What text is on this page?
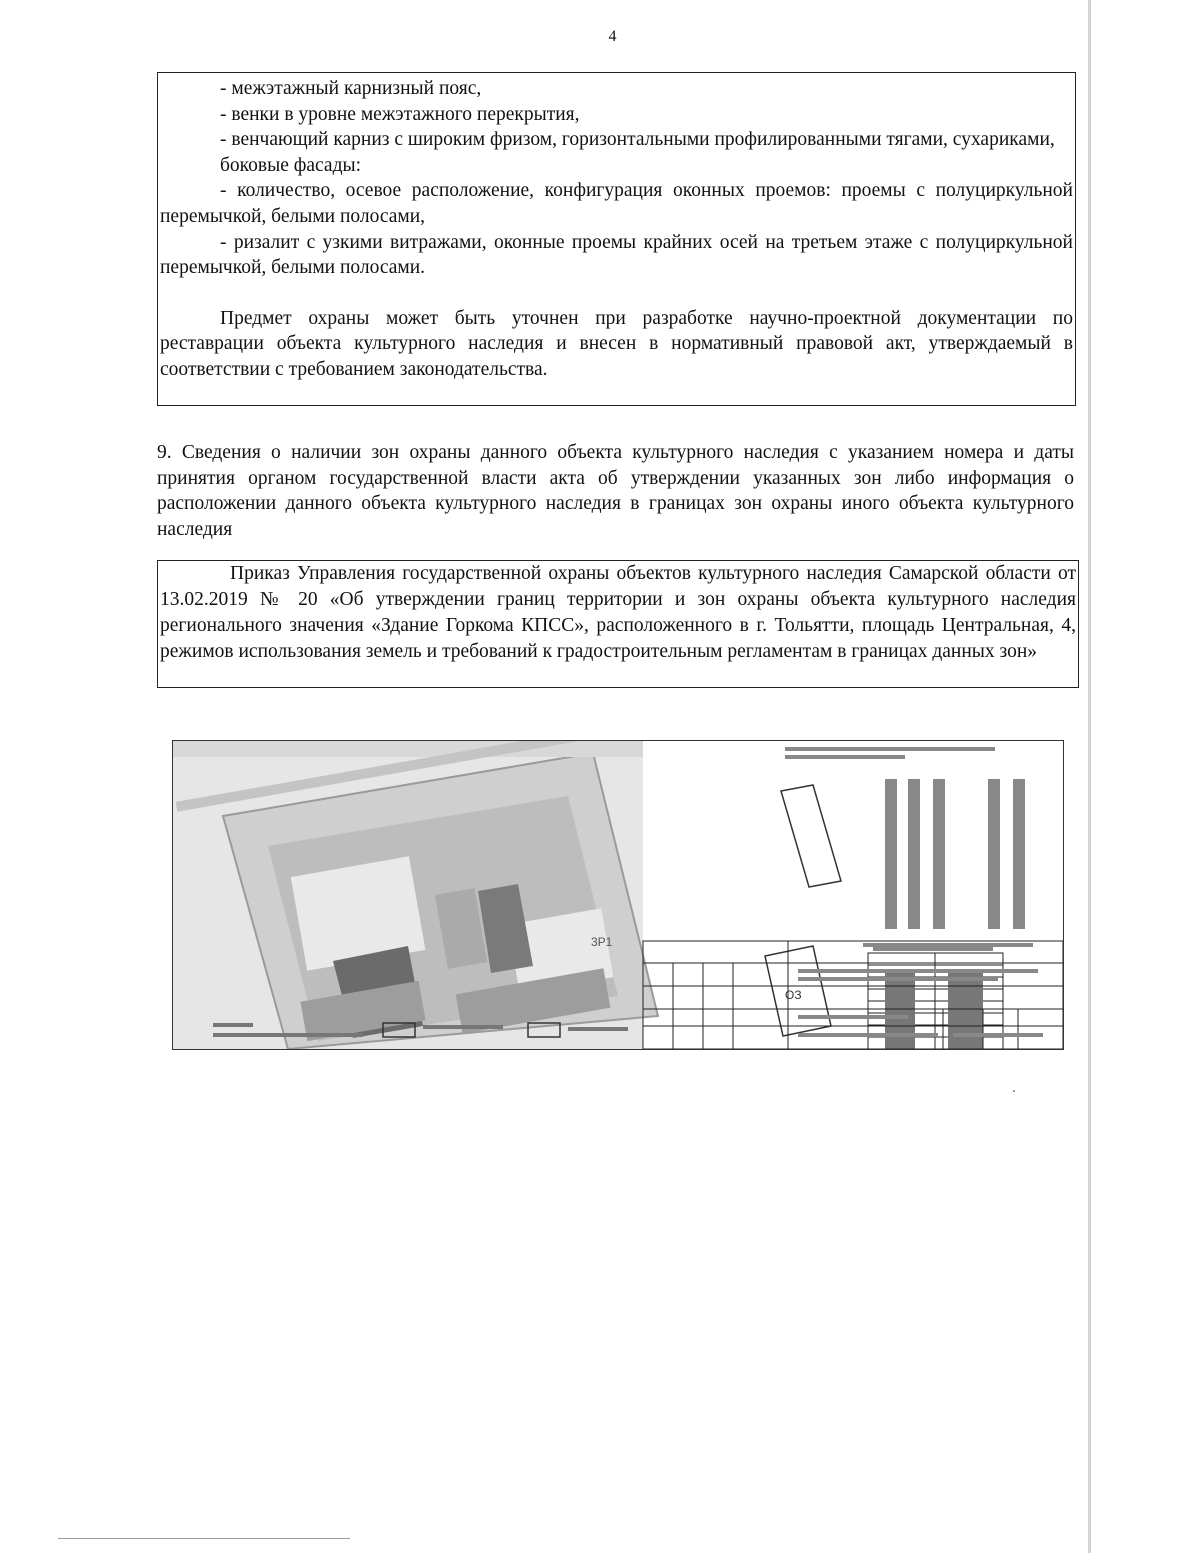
4

- межэтажный карнизный пояс,

- венки в уровне межэтажного перекрытия,

- венчающий карниз с широким фризом, горизонтальными профилированными тягами, сухариками,

боковые фасады:

- количество, осевое расположение, конфигурация оконных проемов: проемы с полуциркульной перемычкой, белыми полосами,

- ризалит с узкими витражами, оконные проемы крайних осей на третьем этаже с полуциркульной перемычкой, белыми полосами.

Предмет охраны может быть уточнен при разработке научно-проектной документации по реставрации объекта культурного наследия и внесен в нормативный правовой акт, утверждаемый в соответствии с требованием законодательства.

9. Сведения о наличии зон охраны данного объекта культурного наследия с указанием номера и даты принятия органом государственной власти акта об утверждении указанных зон либо информация о расположении данного объекта культурного наследия в границах зон охраны иного объекта культурного наследия

Приказ Управления государственной охраны объектов культурного наследия Самарской области от 13.02.2019 № 20 «Об утверждении границ территории и зон охраны объекта культурного наследия регионального значения «Здание Горкома КПСС», расположенного в г. Тольятти, площадь Центральная, 4, режимов использования земель и требований к градостроительным регламентам в границах данных зон»

3Р1
ОЗ
